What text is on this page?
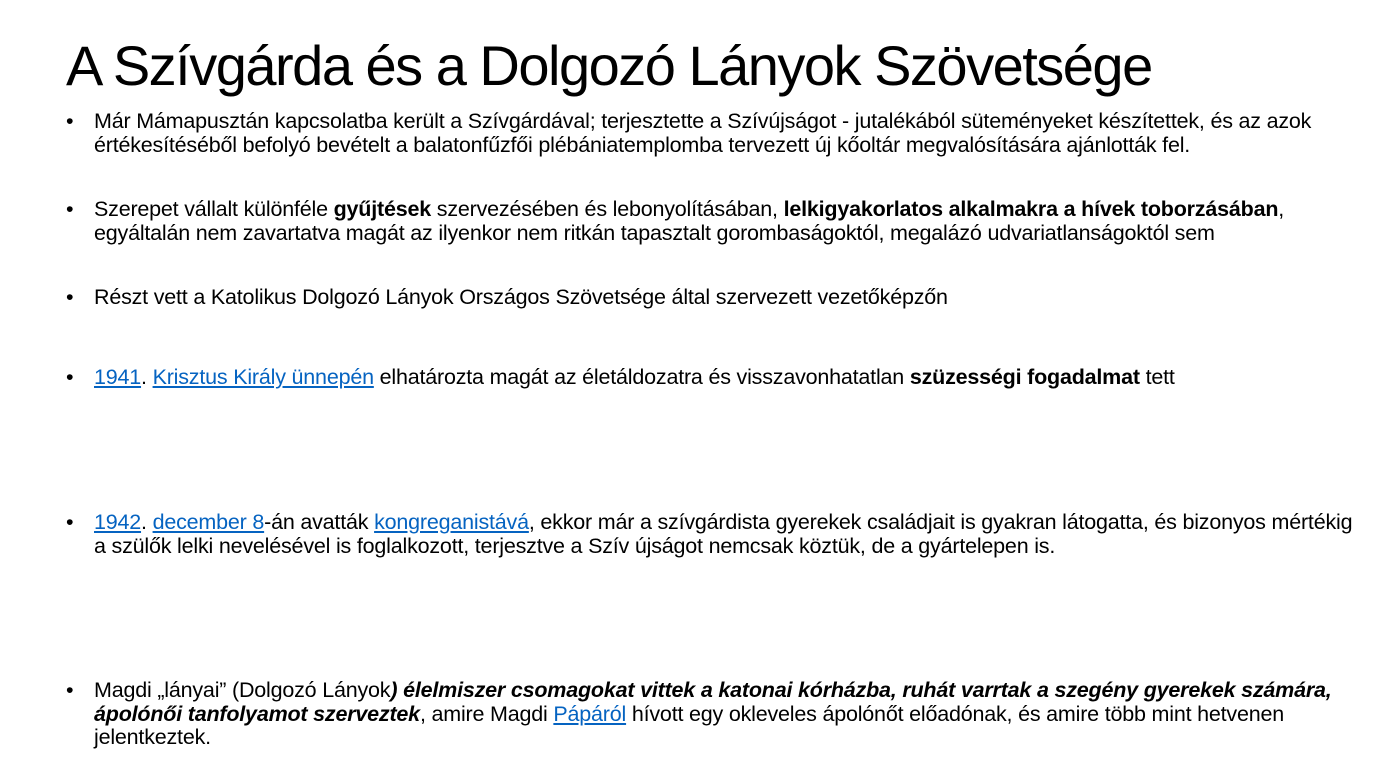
A Szívgárda és a Dolgozó Lányok Szövetsége
• Már Mámapusztán kapcsolatba került a Szívgárdával; terjesztette a Szívújságot - jutalékából süteményeket készítettek, és az azok értékesítéséből befolyó bevételt a balatonfűzfői plébániatemplomba tervezett új kőoltár megvalósítására ajánlották fel.
• Szerepet vállalt különféle gyűjtések szervezésében és lebonyolításában, lelkigyakorlatos alkalmakra a hívek toborzásában, egyáltalán nem zavartatva magát az ilyenkor nem ritkán tapasztalt gorombaságoktól, megalázó udvariatlanságoktól sem
• Részt vett a Katolikus Dolgozó Lányok Országos Szövetsége által szervezett vezetőképzőn
• 1941. Krisztus Király ünnepén elhatározta magát az életáldozatra és visszavonhatatlan szüzességi fogadalmat tett
• 1942. december 8-án avatták kongreganistává, ekkor már a szívgárdista gyerekek családjait is gyakran látogatta, és bizonyos mértékig a szülők lelki nevelésével is foglalkozott, terjesztve a Szív újságot nemcsak köztük, de a gyártelepen is.
• Magdi „lányai” (Dolgozó Lányok) élelmiszer csomagokat vittek a katonai kórházba, ruhát varrtak a szegény gyerekek számára, ápolónői tanfolyamot szerveztek, amire Magdi Pápáról hívott egy okleveles ápolónőt előadónak, és amire több mint hetvenen jelentkeztek.
